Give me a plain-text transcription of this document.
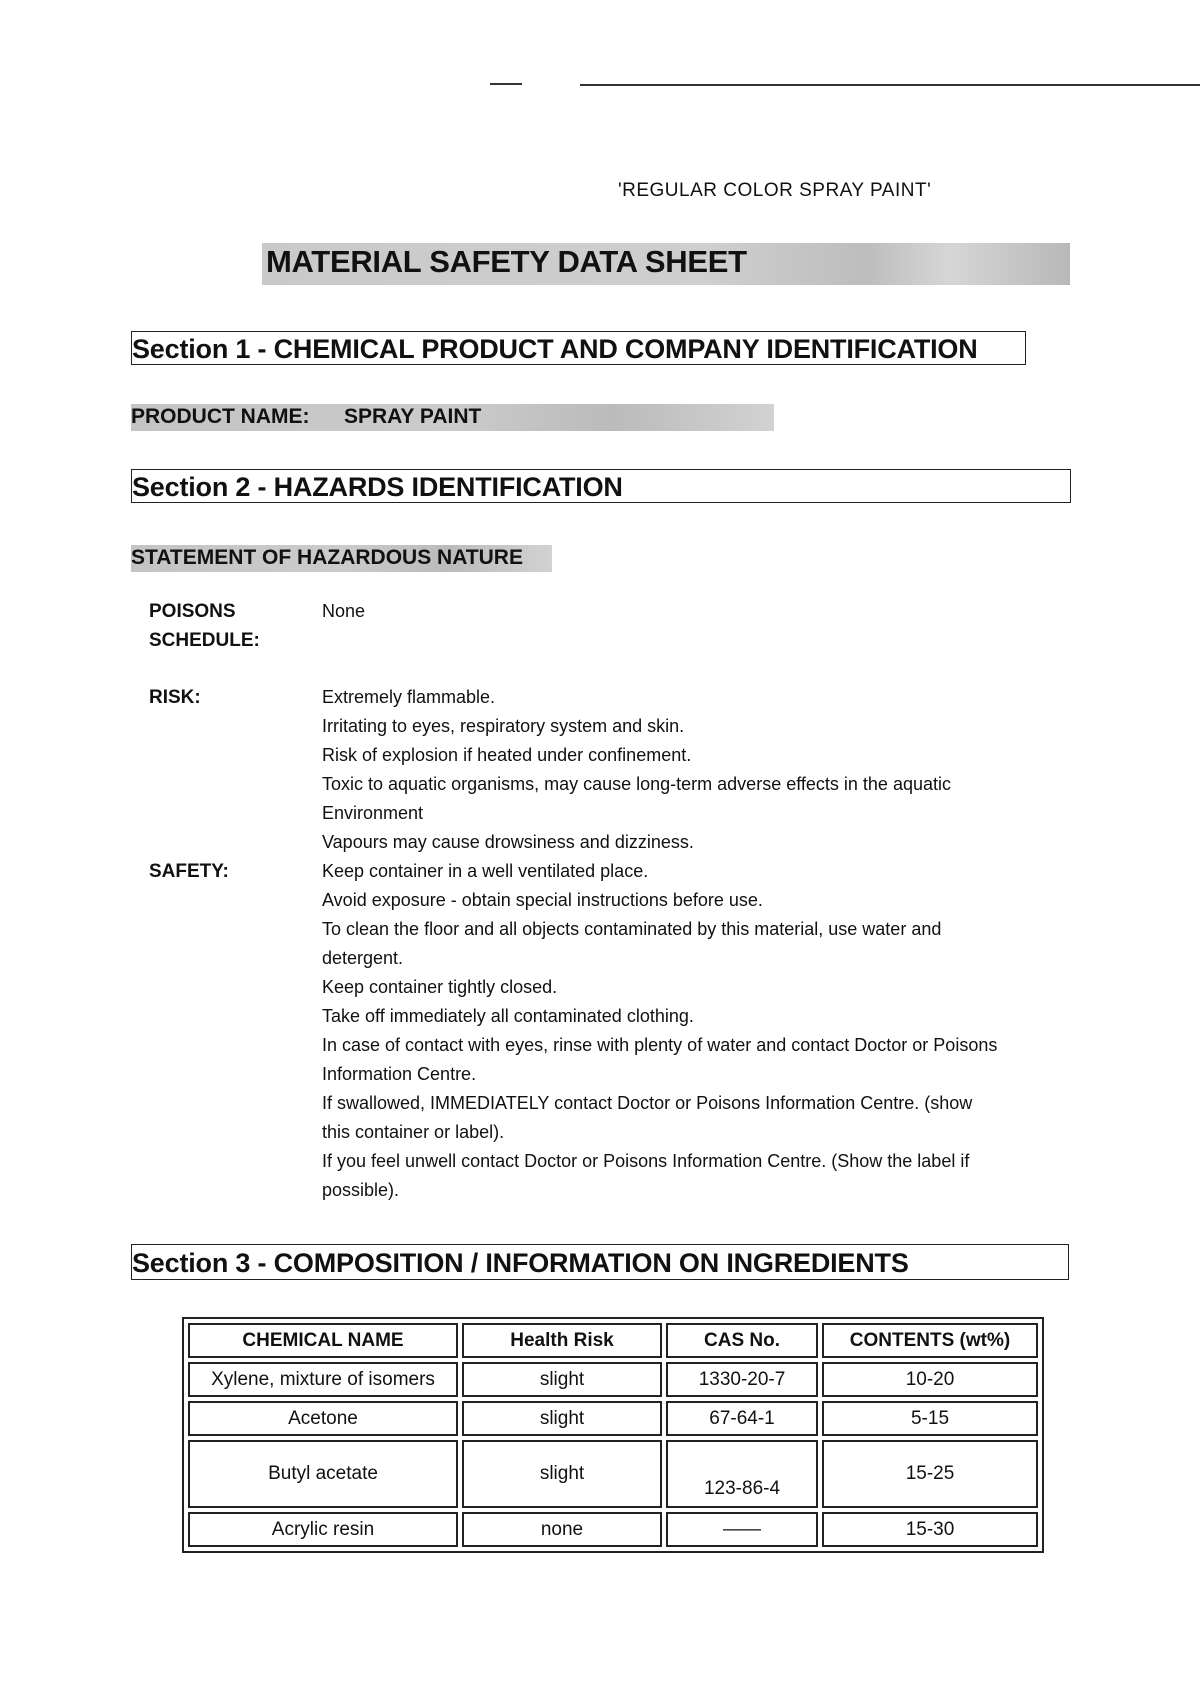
'REGULAR COLOR SPRAY PAINT'
MATERIAL SAFETY DATA SHEET
Section 1 - CHEMICAL PRODUCT AND COMPANY IDENTIFICATION
PRODUCT NAME: SPRAY PAINT
Section 2 - HAZARDS IDENTIFICATION
STATEMENT OF HAZARDOUS NATURE
POISONS
SCHEDULE:
None
RISK:	Extremely flammable.
Irritating to eyes, respiratory system and skin.
Risk of explosion if heated under confinement.
Toxic to aquatic organisms, may cause long-term adverse effects in the aquatic
Environment
Vapours may cause drowsiness and dizziness.
SAFETY:	Keep container in a well ventilated place.
Avoid exposure - obtain special instructions before use.
To clean the floor and all objects contaminated by this material, use water and
detergent.
Keep container tightly closed.
Take off immediately all contaminated clothing.
In case of contact with eyes, rinse with plenty of water and contact Doctor or Poisons
Information Centre.
If swallowed, IMMEDIATELY contact Doctor or Poisons Information Centre. (show
this container or label).
If you feel unwell contact Doctor or Poisons Information Centre. (Show the label if
possible).
Section 3 - COMPOSITION / INFORMATION ON INGREDIENTS
CHEMICAL NAME	Health Risk	CAS No.	CONTENTS (wt%)
Xylene, mixture of isomers	slight	1330-20-7	10-20
Acetone	slight	67-64-1	5-15
Butyl acetate	slight	123-86-4	15-25
Acrylic resin	none	——	15-30
